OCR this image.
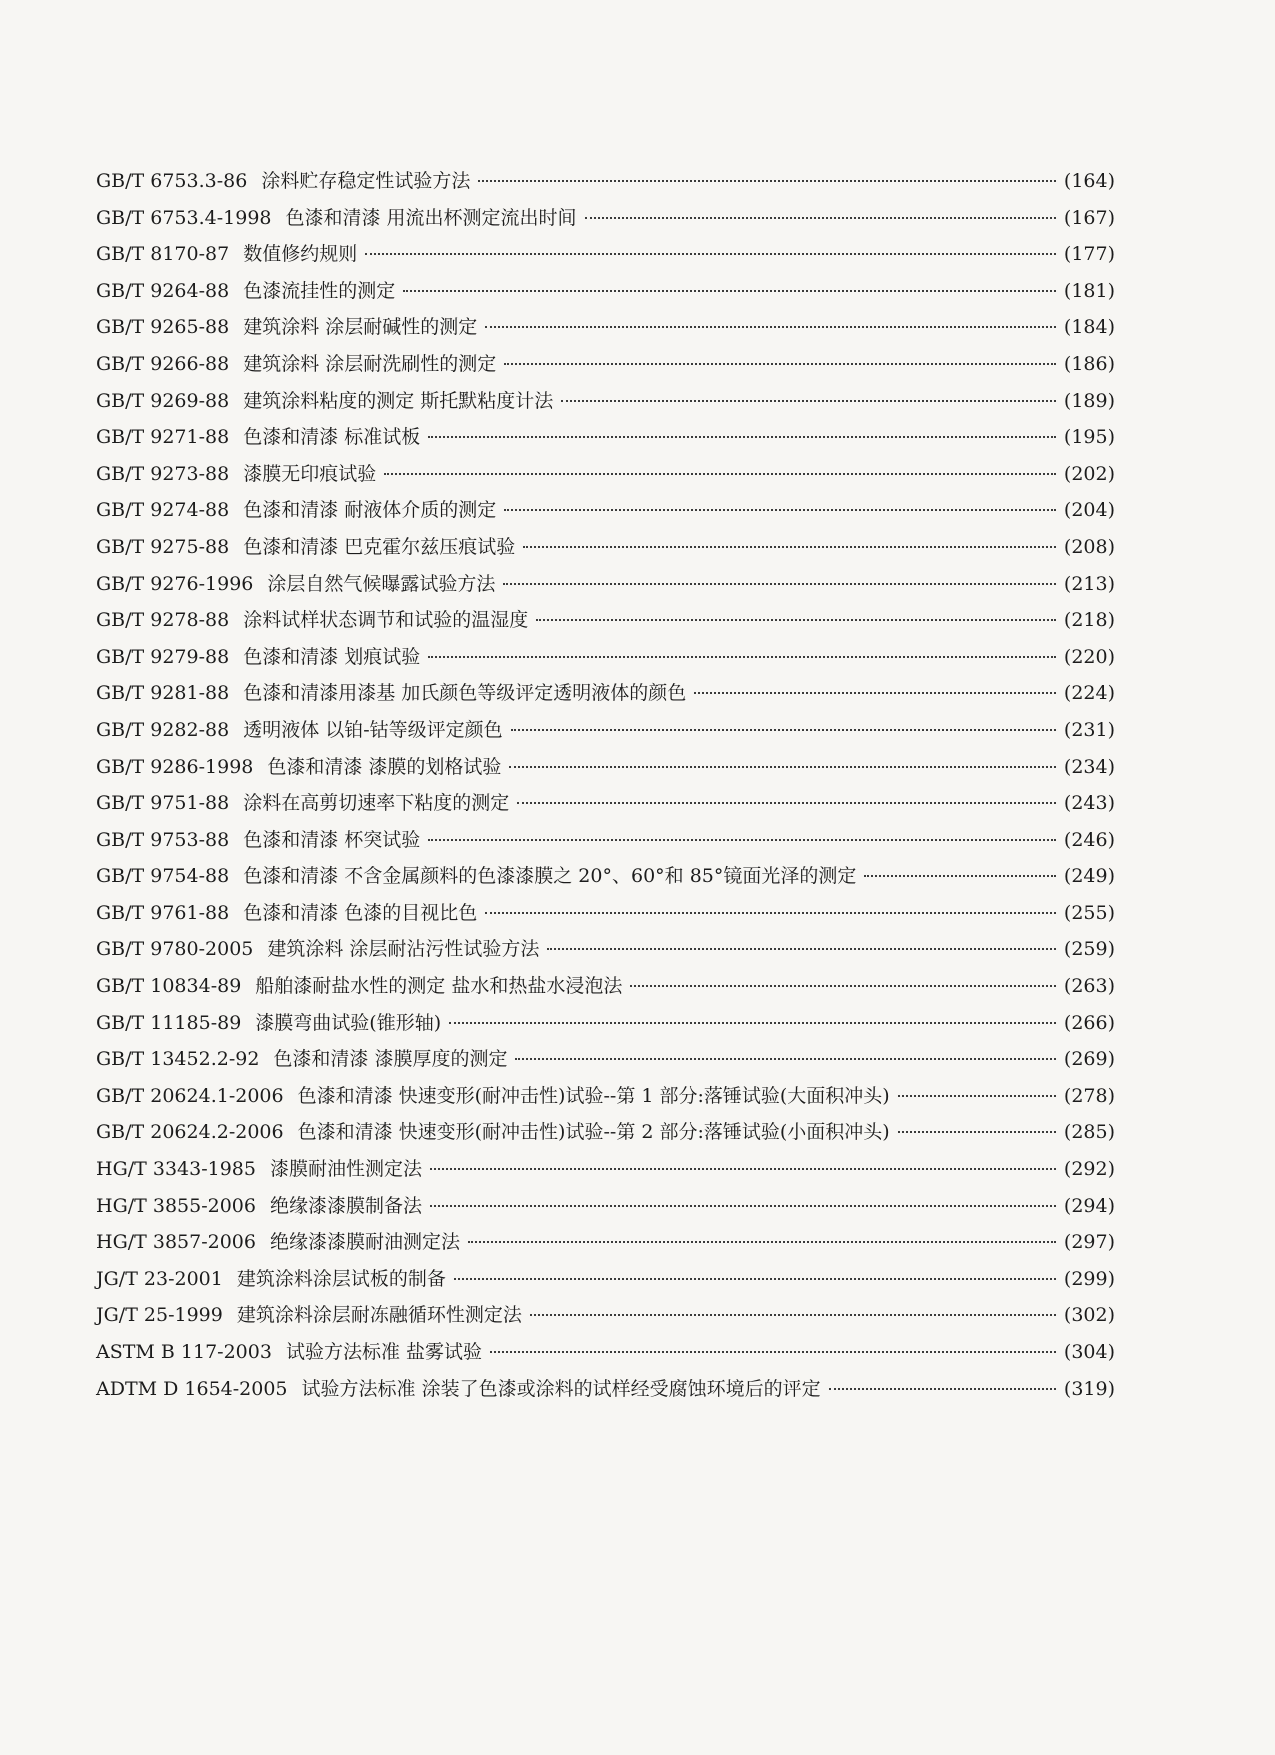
GB/T 6753.3-86 涂料贮存稳定性试验方法	(164)
GB/T 6753.4-1998 色漆和清漆 用流出杯测定流出时间	(167)
GB/T 8170-87 数值修约规则	(177)
GB/T 9264-88 色漆流挂性的测定	(181)
GB/T 9265-88 建筑涂料 涂层耐碱性的测定	(184)
GB/T 9266-88 建筑涂料 涂层耐洗刷性的测定	(186)
GB/T 9269-88 建筑涂料粘度的测定 斯托默粘度计法	(189)
GB/T 9271-88 色漆和清漆 标准试板	(195)
GB/T 9273-88 漆膜无印痕试验	(202)
GB/T 9274-88 色漆和清漆 耐液体介质的测定	(204)
GB/T 9275-88 色漆和清漆 巴克霍尔兹压痕试验	(208)
GB/T 9276-1996 涂层自然气候曝露试验方法	(213)
GB/T 9278-88 涂料试样状态调节和试验的温湿度	(218)
GB/T 9279-88 色漆和清漆 划痕试验	(220)
GB/T 9281-88 色漆和清漆用漆基 加氏颜色等级评定透明液体的颜色	(224)
GB/T 9282-88 透明液体 以铂-钴等级评定颜色	(231)
GB/T 9286-1998 色漆和清漆 漆膜的划格试验	(234)
GB/T 9751-88 涂料在高剪切速率下粘度的测定	(243)
GB/T 9753-88 色漆和清漆 杯突试验	(246)
GB/T 9754-88 色漆和清漆 不含金属颜料的色漆漆膜之 20°、60°和 85°镜面光泽的测定	(249)
GB/T 9761-88 色漆和清漆 色漆的目视比色	(255)
GB/T 9780-2005 建筑涂料 涂层耐沾污性试验方法	(259)
GB/T 10834-89 船舶漆耐盐水性的测定 盐水和热盐水浸泡法	(263)
GB/T 11185-89 漆膜弯曲试验(锥形轴)	(266)
GB/T 13452.2-92 色漆和清漆 漆膜厚度的测定	(269)
GB/T 20624.1-2006 色漆和清漆 快速变形(耐冲击性)试验--第 1 部分:落锤试验(大面积冲头)	(278)
GB/T 20624.2-2006 色漆和清漆 快速变形(耐冲击性)试验--第 2 部分:落锤试验(小面积冲头)	(285)
HG/T 3343-1985 漆膜耐油性测定法	(292)
HG/T 3855-2006 绝缘漆漆膜制备法	(294)
HG/T 3857-2006 绝缘漆漆膜耐油测定法	(297)
JG/T 23-2001 建筑涂料涂层试板的制备	(299)
JG/T 25-1999 建筑涂料涂层耐冻融循环性测定法	(302)
ASTM B 117-2003 试验方法标准 盐雾试验	(304)
ADTM D 1654-2005 试验方法标准 涂装了色漆或涂料的试样经受腐蚀环境后的评定	(319)
